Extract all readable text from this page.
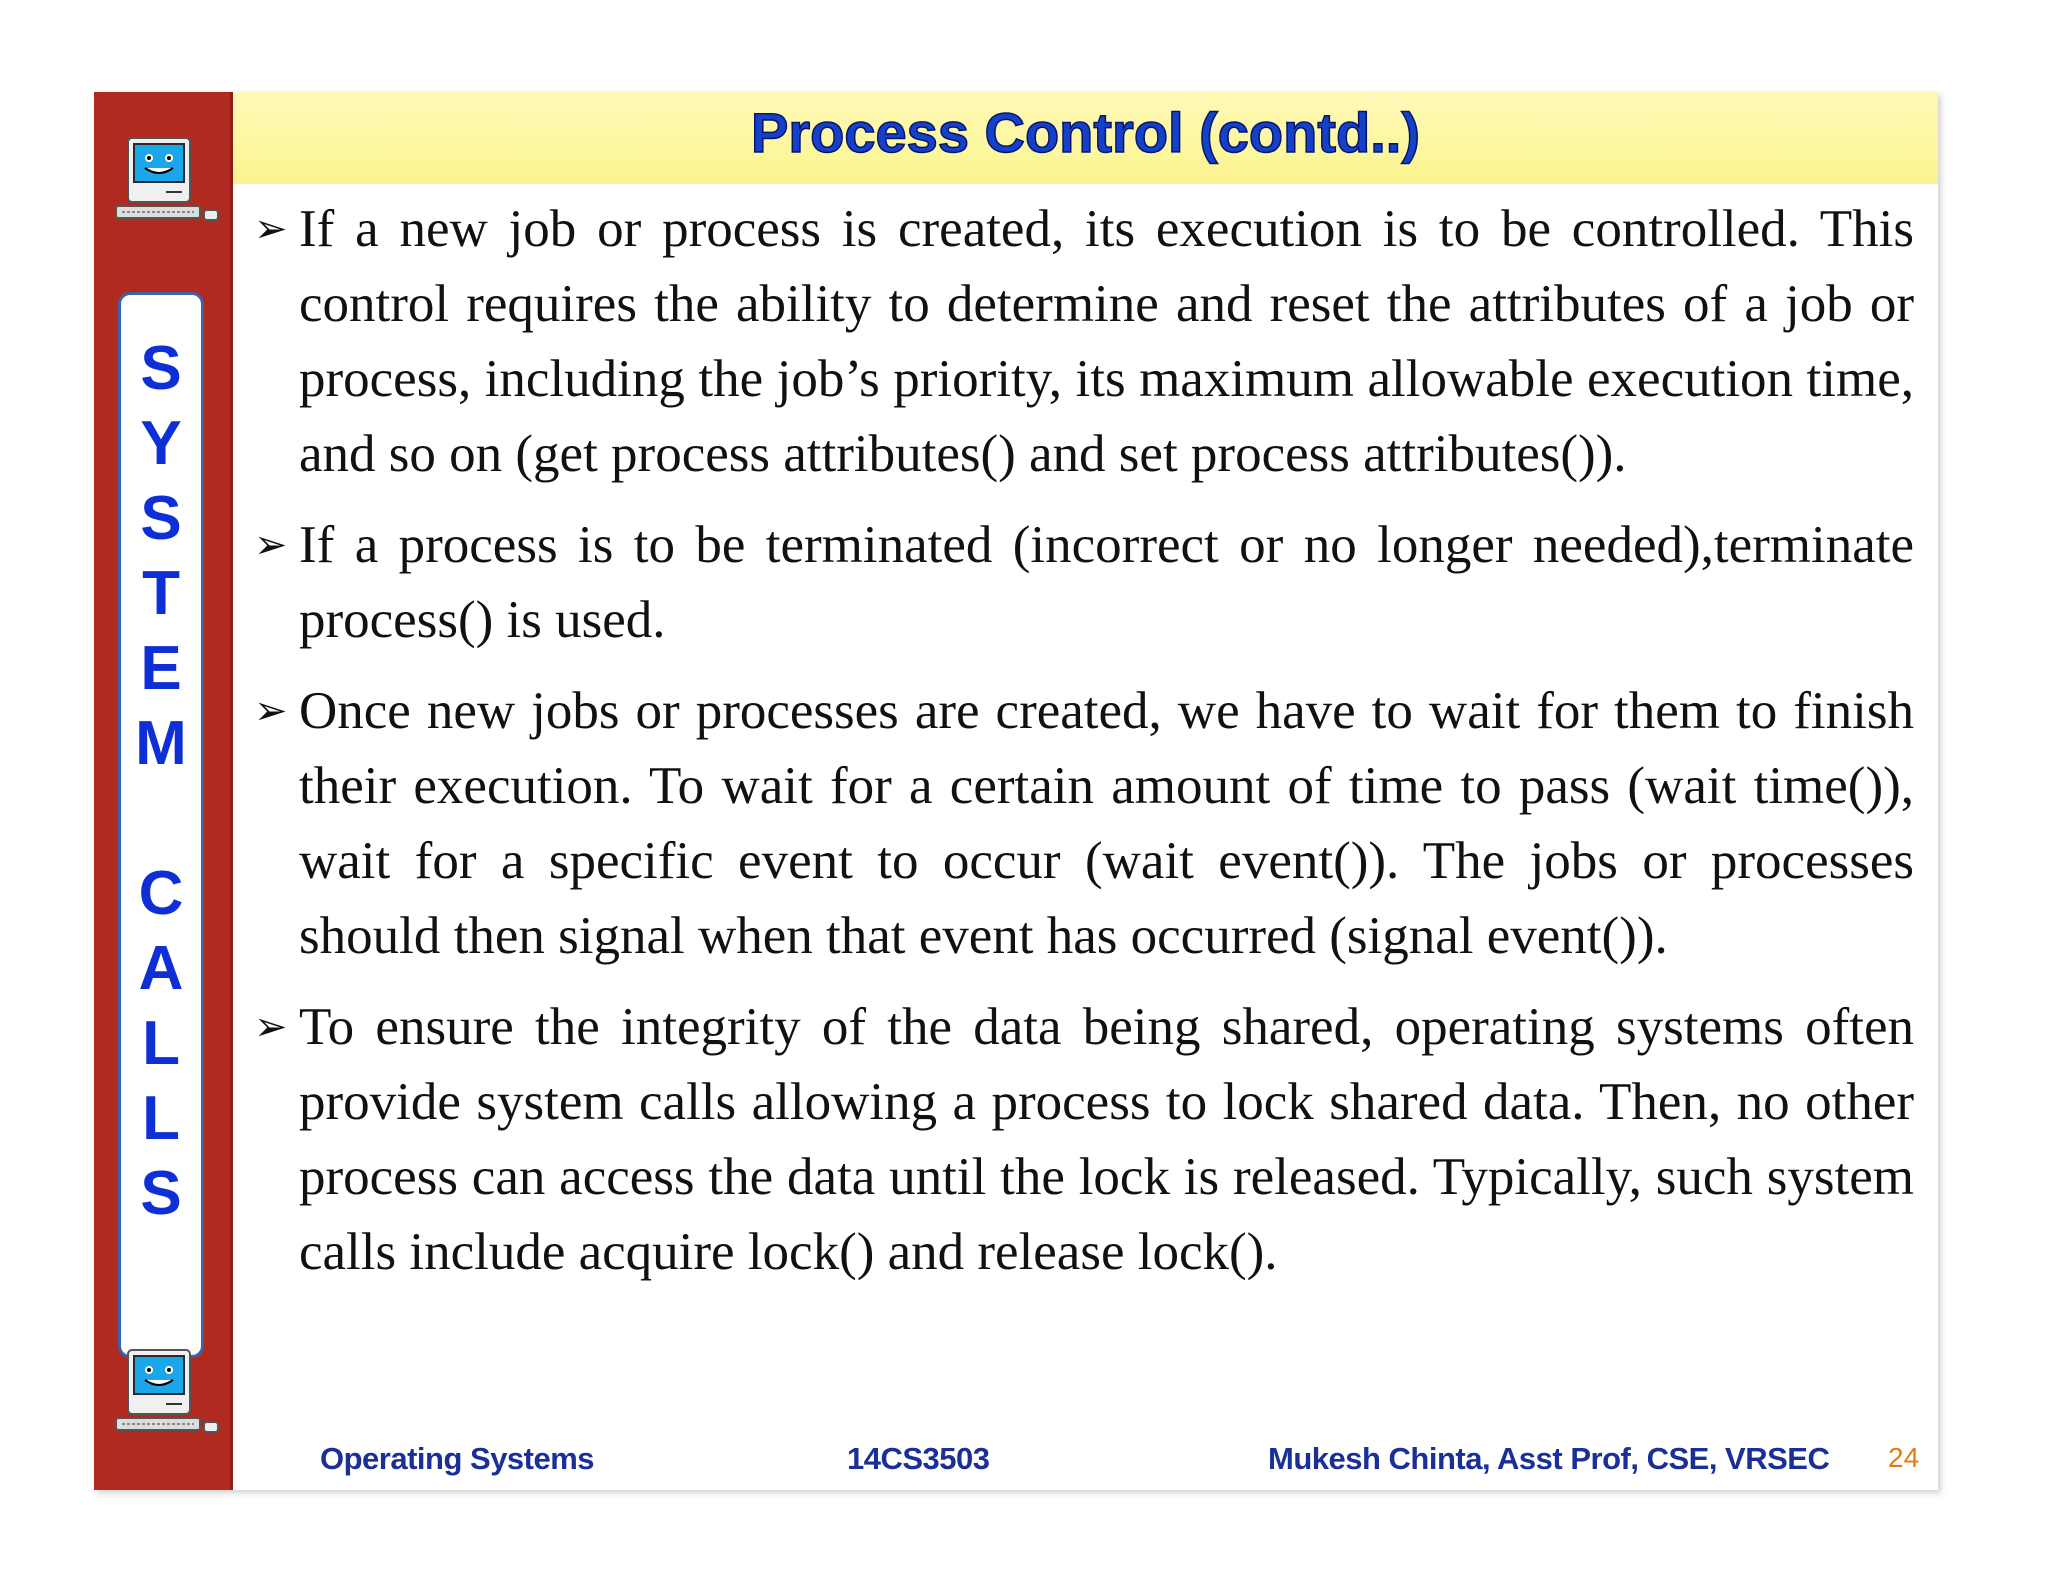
S
Y
S
T
E
M
C
A
L
L
S
Process Control (contd..)
➢ If a new job or process is created, its execution is to be controlled. This control requires the ability to determine and reset the attributes of a job or process, including the job’s priority, its maximum allowable execution time, and so on (get process attributes() and set process attributes()).
➢ If a process is to be terminated (incorrect or no longer needed),terminate process() is used.
➢ Once new jobs or processes are created, we have to wait for them to finish their execution. To wait for a certain amount of time to pass (wait time()), wait for a specific event to occur (wait event()). The jobs or processes should then signal when that event has occurred (signal event()).
➢ To ensure the integrity of the data being shared, operating systems often provide system calls allowing a process to lock shared data. Then, no other process can access the data until the lock is released. Typically, such system calls include acquire lock() and release lock().
Operating Systems	14CS3503	Mukesh Chinta, Asst Prof, CSE, VRSEC 24
